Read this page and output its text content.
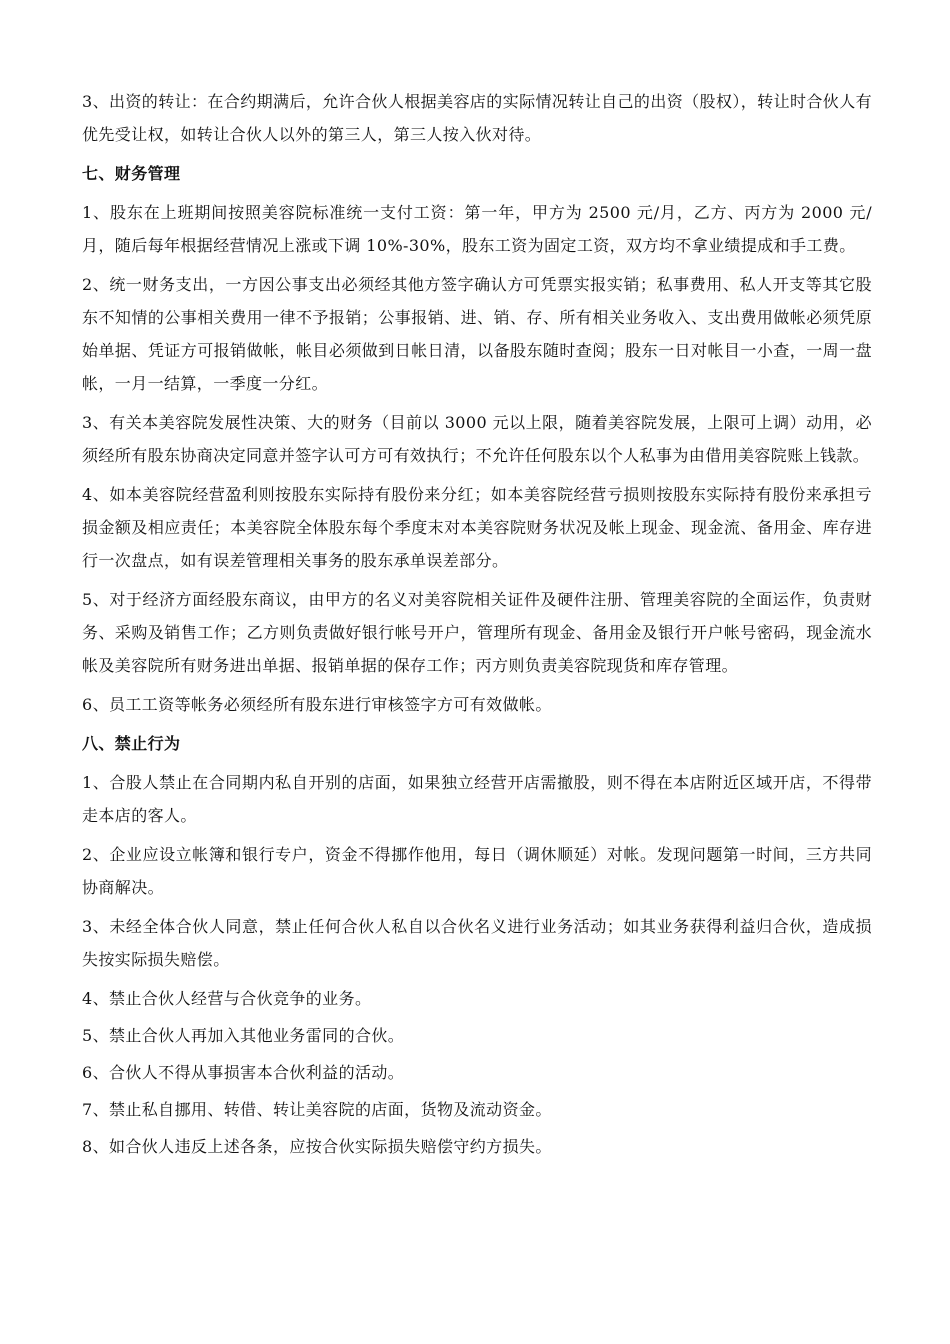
3、出资的转让：在合约期满后，允许合伙人根据美容店的实际情况转让自己的出资（股权），转让时合伙人有优先受让权，如转让合伙人以外的第三人，第三人按入伙对待。

七、财务管理

1、股东在上班期间按照美容院标准统一支付工资：第一年，甲方为 2500 元/月，乙方、丙方为 2000 元/月，随后每年根据经营情况上涨或下调 10%-30%，股东工资为固定工资，双方均不拿业绩提成和手工费。

2、统一财务支出，一方因公事支出必须经其他方签字确认方可凭票实报实销；私事费用、私人开支等其它股东不知情的公事相关费用一律不予报销；公事报销、进、销、存、所有相关业务收入、支出费用做帐必须凭原始单据、凭证方可报销做帐，帐目必须做到日帐日清，以备股东随时查阅；股东一日对帐目一小查，一周一盘帐，一月一结算，一季度一分红。

3、有关本美容院发展性决策、大的财务（目前以 3000 元以上限，随着美容院发展，上限可上调）动用，必须经所有股东协商决定同意并签字认可方可有效执行；不允许任何股东以个人私事为由借用美容院账上钱款。

4、如本美容院经营盈利则按股东实际持有股份来分红；如本美容院经营亏损则按股东实际持有股份来承担亏损金额及相应责任；本美容院全体股东每个季度末对本美容院财务状况及帐上现金、现金流、备用金、库存进行一次盘点，如有误差管理相关事务的股东承单误差部分。

5、对于经济方面经股东商议，由甲方的名义对美容院相关证件及硬件注册、管理美容院的全面运作，负责财务、采购及销售工作；乙方则负责做好银行帐号开户，管理所有现金、备用金及银行开户帐号密码，现金流水帐及美容院所有财务进出单据、报销单据的保存工作；丙方则负责美容院现货和库存管理。

6、员工工资等帐务必须经所有股东进行审核签字方可有效做帐。

八、禁止行为

1、合股人禁止在合同期内私自开别的店面，如果独立经营开店需撤股，则不得在本店附近区域开店，不得带走本店的客人。

2、企业应设立帐簿和银行专户，资金不得挪作他用，每日（调休顺延）对帐。发现问题第一时间，三方共同协商解决。

3、未经全体合伙人同意，禁止任何合伙人私自以合伙名义进行业务活动；如其业务获得利益归合伙，造成损失按实际损失赔偿。

4、禁止合伙人经营与合伙竞争的业务。

5、禁止合伙人再加入其他业务雷同的合伙。

6、合伙人不得从事损害本合伙利益的活动。

7、禁止私自挪用、转借、转让美容院的店面，货物及流动资金。

8、如合伙人违反上述各条，应按合伙实际损失赔偿守约方损失。
